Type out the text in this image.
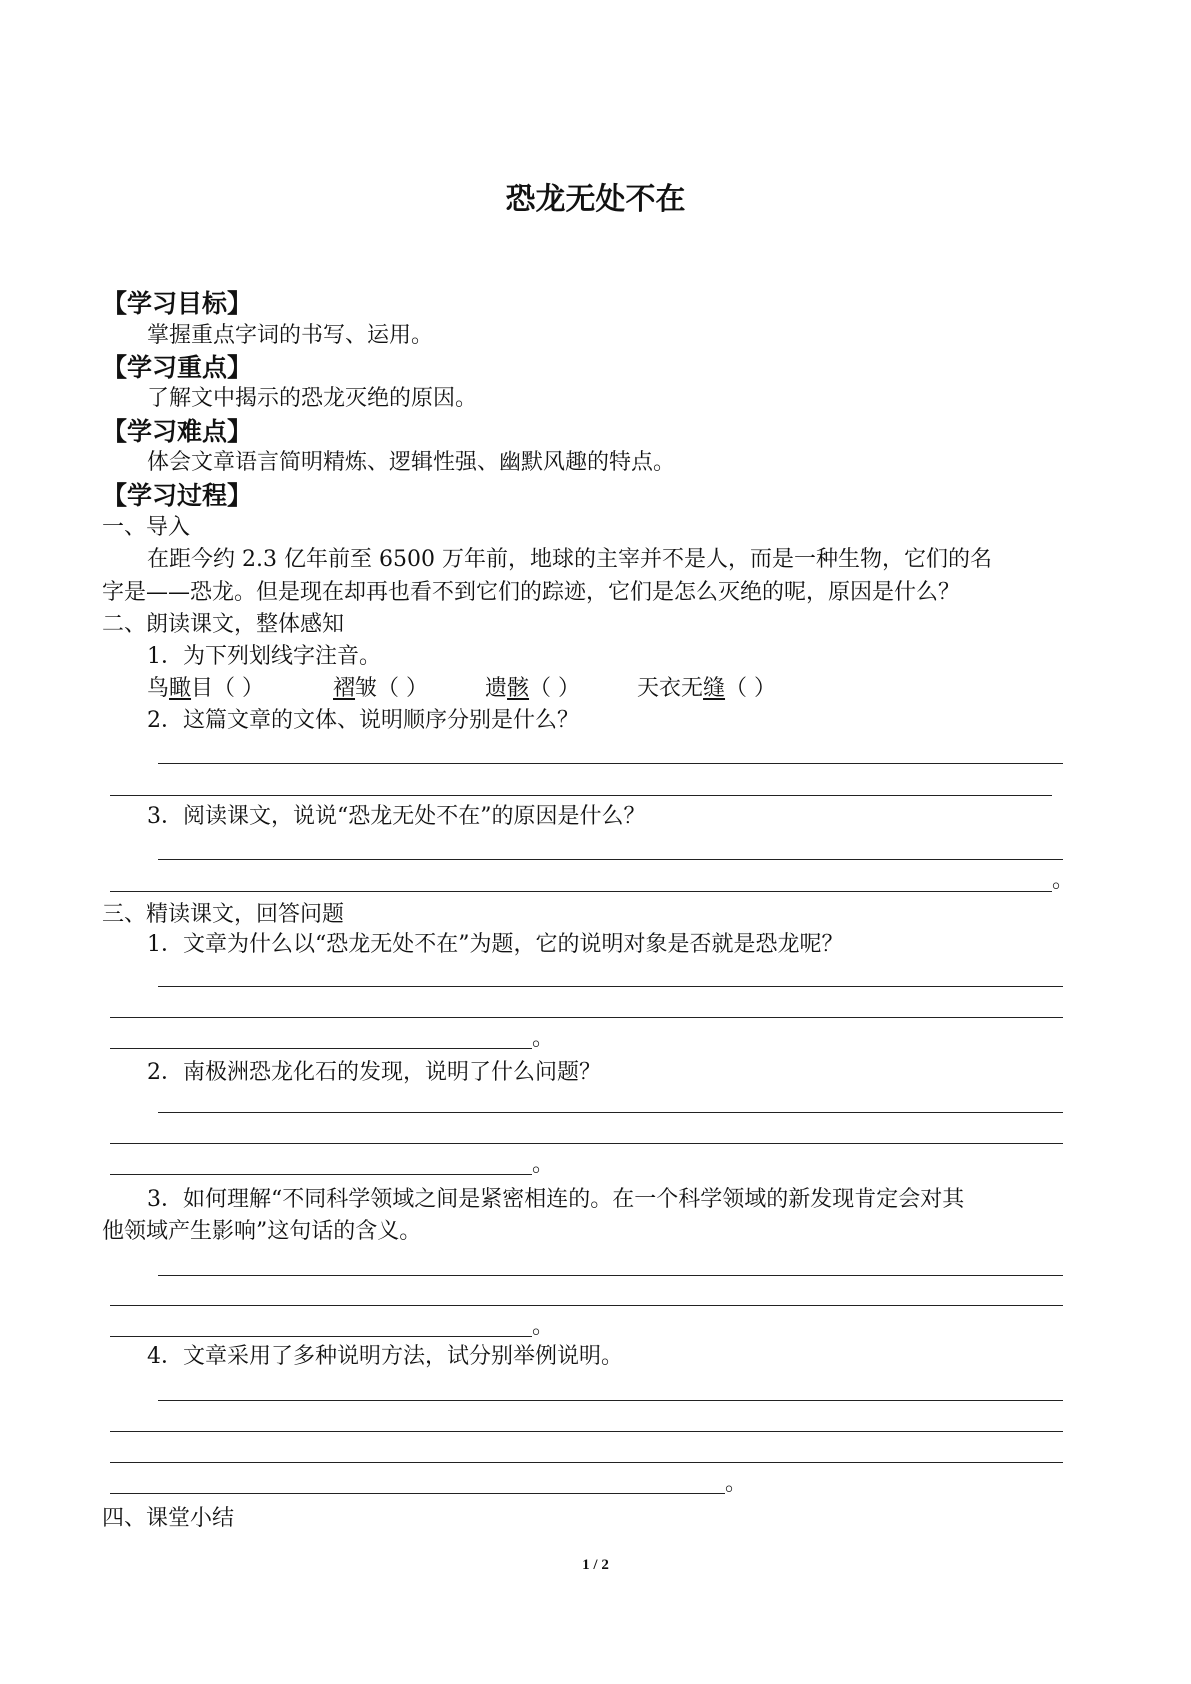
恐龙无处不在
【学习目标】
掌握重点字词的书写、运用。
【学习重点】
了解文中揭示的恐龙灭绝的原因。
【学习难点】
体会文章语言简明精炼、逻辑性强、幽默风趣的特点。
【学习过程】
一、导入
在距今约 2.3 亿年前至 6500 万年前，地球的主宰并不是人，而是一种生物，它们的名
字是——恐龙。但是现在却再也看不到它们的踪迹，它们是怎么灭绝的呢，原因是什么？
二、朗读课文，整体感知
1．为下列划线字注音。
鸟瞰目（ ）	褶皱（ ）	遗骸（ ）	天衣无缝（ ）
2．这篇文章的文体、说明顺序分别是什么？
3．阅读课文，说说“恐龙无处不在”的原因是什么？
。
三、精读课文，回答问题
1．文章为什么以“恐龙无处不在”为题，它的说明对象是否就是恐龙呢？
。
2．南极洲恐龙化石的发现，说明了什么问题？
。
3．如何理解“不同科学领域之间是紧密相连的。在一个科学领域的新发现肯定会对其
他领域产生影响”这句话的含义。
。
4．文章采用了多种说明方法，试分别举例说明。
。
四、课堂小结
1 / 2
